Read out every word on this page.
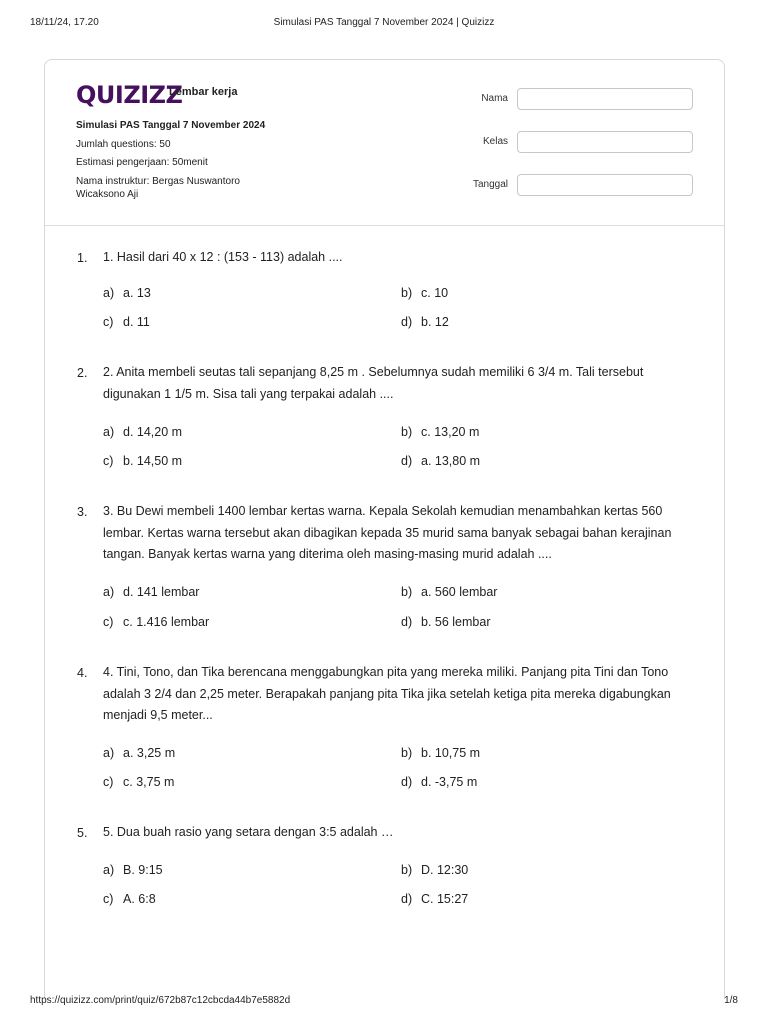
18/11/24, 17.20	Simulasi PAS Tanggal 7 November 2024 | Quizizz
QUIZIZZ
Lembar kerja
Simulasi PAS Tanggal 7 November 2024
Jumlah questions: 50
Estimasi pengerjaan: 50menit
Nama instruktur: Bergas Nuswantoro Wicaksono Aji
Nama
Kelas
Tanggal
1. 1. Hasil dari 40 x 12 : (153 - 113) adalah ....
a) a. 13	b) c. 10
c) d. 11	d) b. 12
2. 2. Anita membeli seutas tali sepanjang 8,25 m . Sebelumnya sudah memiliki 6 3/4 m. Tali tersebut digunakan 1 1/5 m. Sisa tali yang terpakai adalah ....
a) d. 14,20 m	b) c. 13,20 m
c) b. 14,50 m	d) a. 13,80 m
3. 3. Bu Dewi membeli 1400 lembar kertas warna. Kepala Sekolah kemudian menambahkan kertas 560 lembar. Kertas warna tersebut akan dibagikan kepada 35 murid sama banyak sebagai bahan kerajinan tangan. Banyak kertas warna yang diterima oleh masing-masing murid adalah ....
a) d. 141 lembar	b) a. 560 lembar
c) c. 1.416 lembar	d) b. 56 lembar
4. 4. Tini, Tono, dan Tika berencana menggabungkan pita yang mereka miliki. Panjang pita Tini dan Tono adalah 3 2/4 dan 2,25 meter. Berapakah panjang pita Tika jika setelah ketiga pita mereka digabungkan menjadi 9,5 meter...
a) a. 3,25 m	b) b. 10,75 m
c) c. 3,75 m	d) d. -3,75 m
5. 5. Dua buah rasio yang setara dengan 3:5 adalah …
a) B. 9:15	b) D. 12:30
c) A. 6:8	d) C. 15:27
https://quizizz.com/print/quiz/672b87c12cbcda44b7e5882d	1/8
